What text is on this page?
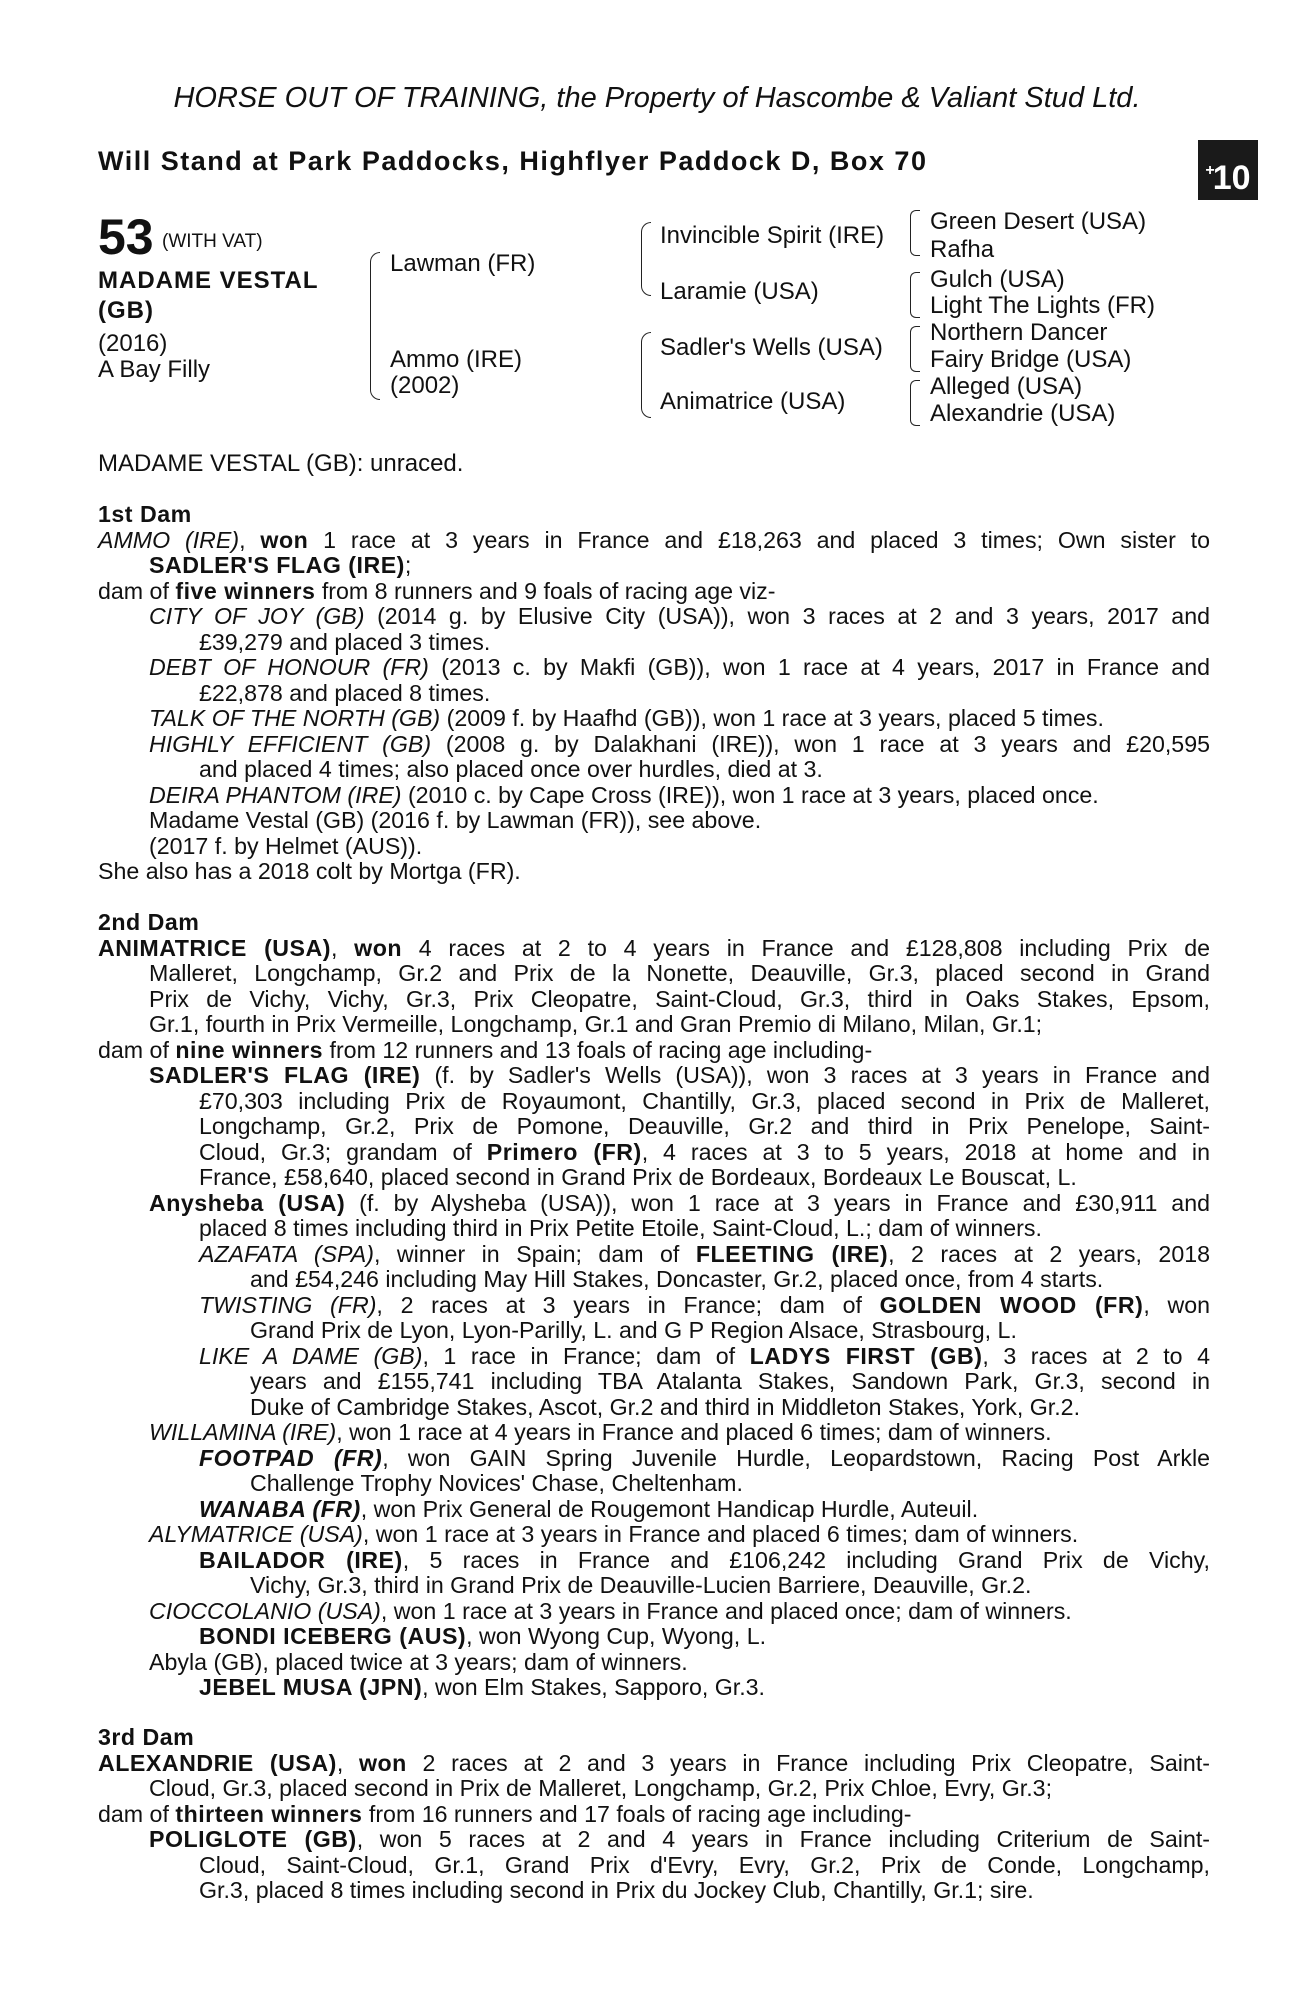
HORSE OUT OF TRAINING, the Property of Hascombe & Valiant Stud Ltd.
Will Stand at Park Paddocks, Highflyer Paddock D, Box 70	+10
53 (WITH VAT)
MADAME VESTAL (GB)
(2016)
A Bay Filly
Lawman (FR)
Ammo (IRE)
(2002)
Invincible Spirit (IRE)
Laramie (USA)
Sadler's Wells (USA)
Animatrice (USA)
Green Desert (USA)
Rafha
Gulch (USA)
Light The Lights (FR)
Northern Dancer
Fairy Bridge (USA)
Alleged (USA)
Alexandrie (USA)
MADAME VESTAL (GB): unraced.
1st Dam
AMMO (IRE), won 1 race at 3 years in France and £18,263 and placed 3 times; Own sister to
SADLER'S FLAG (IRE);
dam of five winners from 8 runners and 9 foals of racing age viz-
CITY OF JOY (GB) (2014 g. by Elusive City (USA)), won 3 races at 2 and 3 years, 2017 and
£39,279 and placed 3 times.
DEBT OF HONOUR (FR) (2013 c. by Makfi (GB)), won 1 race at 4 years, 2017 in France and
£22,878 and placed 8 times.
TALK OF THE NORTH (GB) (2009 f. by Haafhd (GB)), won 1 race at 3 years, placed 5 times.
HIGHLY EFFICIENT (GB) (2008 g. by Dalakhani (IRE)), won 1 race at 3 years and £20,595
and placed 4 times; also placed once over hurdles, died at 3.
DEIRA PHANTOM (IRE) (2010 c. by Cape Cross (IRE)), won 1 race at 3 years, placed once.
Madame Vestal (GB) (2016 f. by Lawman (FR)), see above.
(2017 f. by Helmet (AUS)).
She also has a 2018 colt by Mortga (FR).
2nd Dam
ANIMATRICE (USA), won 4 races at 2 to 4 years in France and £128,808 including Prix de
Malleret, Longchamp, Gr.2 and Prix de la Nonette, Deauville, Gr.3, placed second in Grand
Prix de Vichy, Vichy, Gr.3, Prix Cleopatre, Saint-Cloud, Gr.3, third in Oaks Stakes, Epsom,
Gr.1, fourth in Prix Vermeille, Longchamp, Gr.1 and Gran Premio di Milano, Milan, Gr.1;
dam of nine winners from 12 runners and 13 foals of racing age including-
SADLER'S FLAG (IRE) (f. by Sadler's Wells (USA)), won 3 races at 3 years in France and
£70,303 including Prix de Royaumont, Chantilly, Gr.3, placed second in Prix de Malleret,
Longchamp, Gr.2, Prix de Pomone, Deauville, Gr.2 and third in Prix Penelope, Saint-
Cloud, Gr.3; grandam of Primero (FR), 4 races at 3 to 5 years, 2018 at home and in
France, £58,640, placed second in Grand Prix de Bordeaux, Bordeaux Le Bouscat, L.
Anysheba (USA) (f. by Alysheba (USA)), won 1 race at 3 years in France and £30,911 and
placed 8 times including third in Prix Petite Etoile, Saint-Cloud, L.; dam of winners.
AZAFATA (SPA), winner in Spain; dam of FLEETING (IRE), 2 races at 2 years, 2018
and £54,246 including May Hill Stakes, Doncaster, Gr.2, placed once, from 4 starts.
TWISTING (FR), 2 races at 3 years in France; dam of GOLDEN WOOD (FR), won
Grand Prix de Lyon, Lyon-Parilly, L. and G P Region Alsace, Strasbourg, L.
LIKE A DAME (GB), 1 race in France; dam of LADYS FIRST (GB), 3 races at 2 to 4
years and £155,741 including TBA Atalanta Stakes, Sandown Park, Gr.3, second in
Duke of Cambridge Stakes, Ascot, Gr.2 and third in Middleton Stakes, York, Gr.2.
WILLAMINA (IRE), won 1 race at 4 years in France and placed 6 times; dam of winners.
FOOTPAD (FR), won GAIN Spring Juvenile Hurdle, Leopardstown, Racing Post Arkle
Challenge Trophy Novices' Chase, Cheltenham.
WANABA (FR), won Prix General de Rougemont Handicap Hurdle, Auteuil.
ALYMATRICE (USA), won 1 race at 3 years in France and placed 6 times; dam of winners.
BAILADOR (IRE), 5 races in France and £106,242 including Grand Prix de Vichy,
Vichy, Gr.3, third in Grand Prix de Deauville-Lucien Barriere, Deauville, Gr.2.
CIOCCOLANIO (USA), won 1 race at 3 years in France and placed once; dam of winners.
BONDI ICEBERG (AUS), won Wyong Cup, Wyong, L.
Abyla (GB), placed twice at 3 years; dam of winners.
JEBEL MUSA (JPN), won Elm Stakes, Sapporo, Gr.3.
3rd Dam
ALEXANDRIE (USA), won 2 races at 2 and 3 years in France including Prix Cleopatre, Saint-
Cloud, Gr.3, placed second in Prix de Malleret, Longchamp, Gr.2, Prix Chloe, Evry, Gr.3;
dam of thirteen winners from 16 runners and 17 foals of racing age including-
POLIGLOTE (GB), won 5 races at 2 and 4 years in France including Criterium de Saint-
Cloud, Saint-Cloud, Gr.1, Grand Prix d'Evry, Evry, Gr.2, Prix de Conde, Longchamp,
Gr.3, placed 8 times including second in Prix du Jockey Club, Chantilly, Gr.1; sire.
